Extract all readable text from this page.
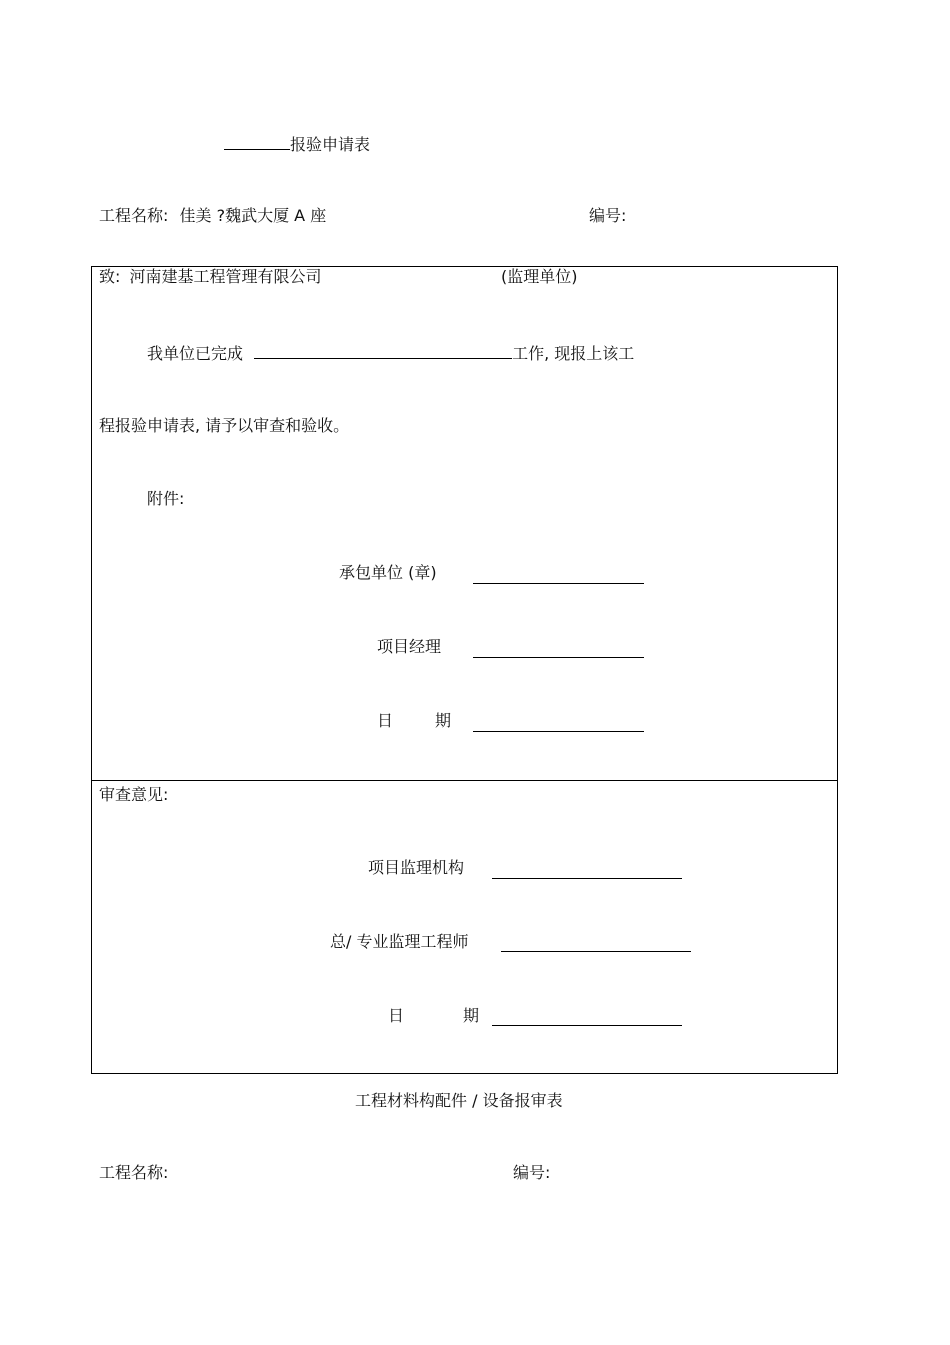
报验申请表
工程名称: 佳美 ?魏武大厦 A 座	编号:
致: 河南建基工程管理有限公司	(监理单位)
我单位已完成	工作, 现报上该工
程报验申请表, 请予以审查和验收。
附件:
承包单位 (章)
项目经理
日	期
审查意见:
项目监理机构
总/ 专业监理工程师
日	期
工程材料构配件 / 设备报审表
工程名称:	编号:
